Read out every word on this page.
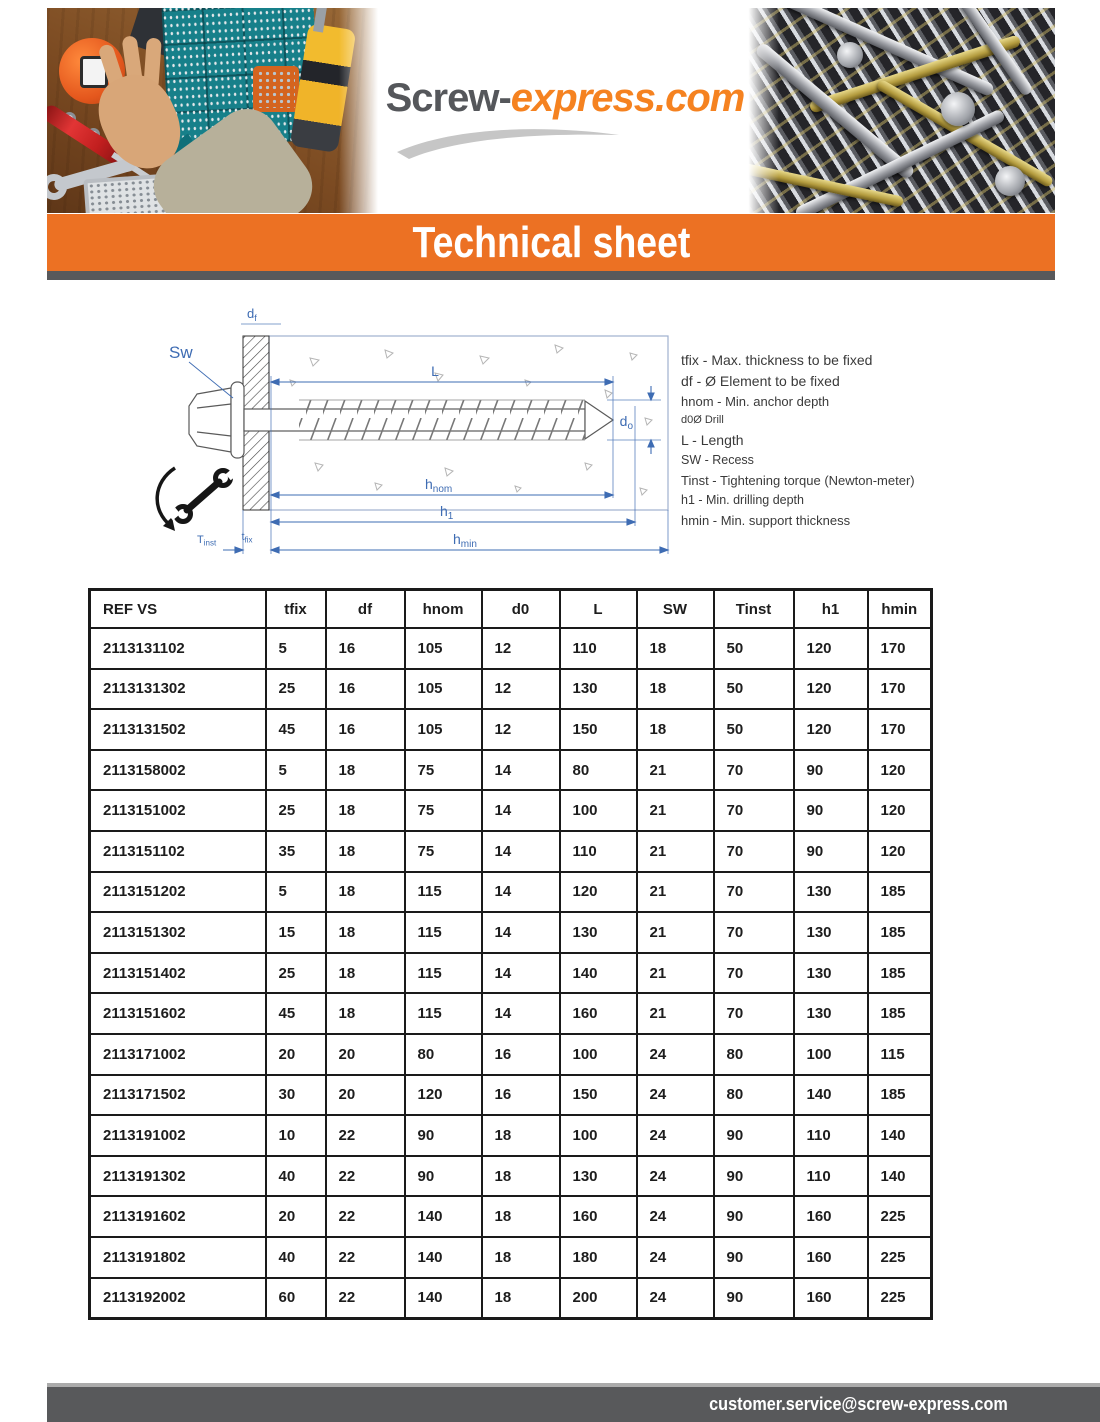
Screw-express.com
Technical sheet
Sw
$d_f$
L
$d_o$
$h_{nom}$
$h_1$
$h_{min}$
$t_{fix}$
$T_{inst}$
tfix - Max. thickness to be fixed
df - Ø Element to be fixed
hnom - Min. anchor depth
d0Ø Drill
L - Length
SW - Recess
Tinst - Tightening torque (Newton-meter)
h1 - Min. drilling depth
hmin - Min. support thickness
REF VS	tfix	df	hnom	d0	L	SW	Tinst	h1	hmin
2113131102	5	16	105	12	110	18	50	120	170
2113131302	25	16	105	12	130	18	50	120	170
2113131502	45	16	105	12	150	18	50	120	170
2113158002	5	18	75	14	80	21	70	90	120
2113151002	25	18	75	14	100	21	70	90	120
2113151102	35	18	75	14	110	21	70	90	120
2113151202	5	18	115	14	120	21	70	130	185
2113151302	15	18	115	14	130	21	70	130	185
2113151402	25	18	115	14	140	21	70	130	185
2113151602	45	18	115	14	160	21	70	130	185
2113171002	20	20	80	16	100	24	80	100	115
2113171502	30	20	120	16	150	24	80	140	185
2113191002	10	22	90	18	100	24	90	110	140
2113191302	40	22	90	18	130	24	90	110	140
2113191602	20	22	140	18	160	24	90	160	225
2113191802	40	22	140	18	180	24	90	160	225
2113192002	60	22	140	18	200	24	90	160	225
customer.service@screw-express.com
